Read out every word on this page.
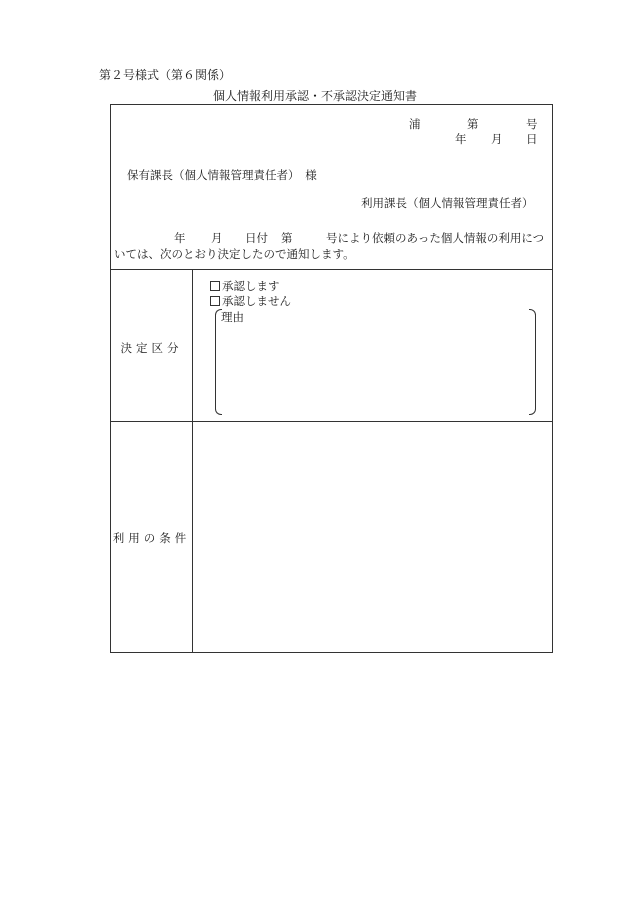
第２号様式（第６関係）
個人情報利用承認・不承認決定通知書
浦	第	号
年 月 日
保有課長（個人情報管理責任者）　様
利用課長（個人情報管理責任者）
年 月 日付 第	号により依頼のあった個人情報の利用につ
いては、次のとおり決定したので通知します。
決定区分
承認します
承認しません
理由
利用の条件
